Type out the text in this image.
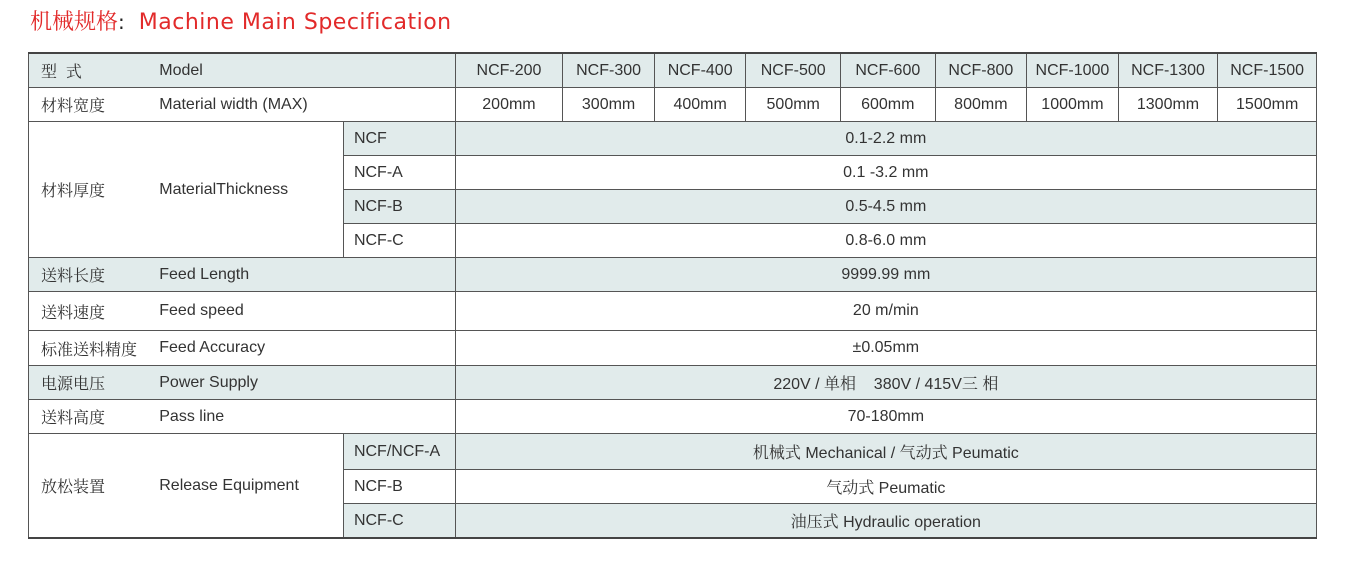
机械规格: Machine Main Specification
型  式	Model		NCF-200	NCF-300	NCF-400	NCF-500	NCF-600	NCF-800	NCF-1000	NCF-1300	NCF-1500
材料宽度	Material width (MAX)		200mm	300mm	400mm	500mm	600mm	800mm	1000mm	1300mm	1500mm
材料厚度	MaterialThickness	NCF	0.1-2.2 mm								
		NCF-A	0.1 -3.2 mm								
		NCF-B	0.5-4.5 mm								
		NCF-C	0.8-6.0 mm								
送料长度	Feed Length		9999.99 mm								
送料速度	Feed speed		20 m/min								
标准送料精度	Feed Accuracy		±0.05mm								
电源电压	Power Supply		220V / 单相    380V / 415V三 相								
送料高度	Pass line		70-180mm								
放松装置	Release Equipment	NCF/NCF-A	机械式 Mechanical / 气动式 Peumatic								
		NCF-B	气动式 Peumatic								
		NCF-C	油压式 Hydraulic operation								
